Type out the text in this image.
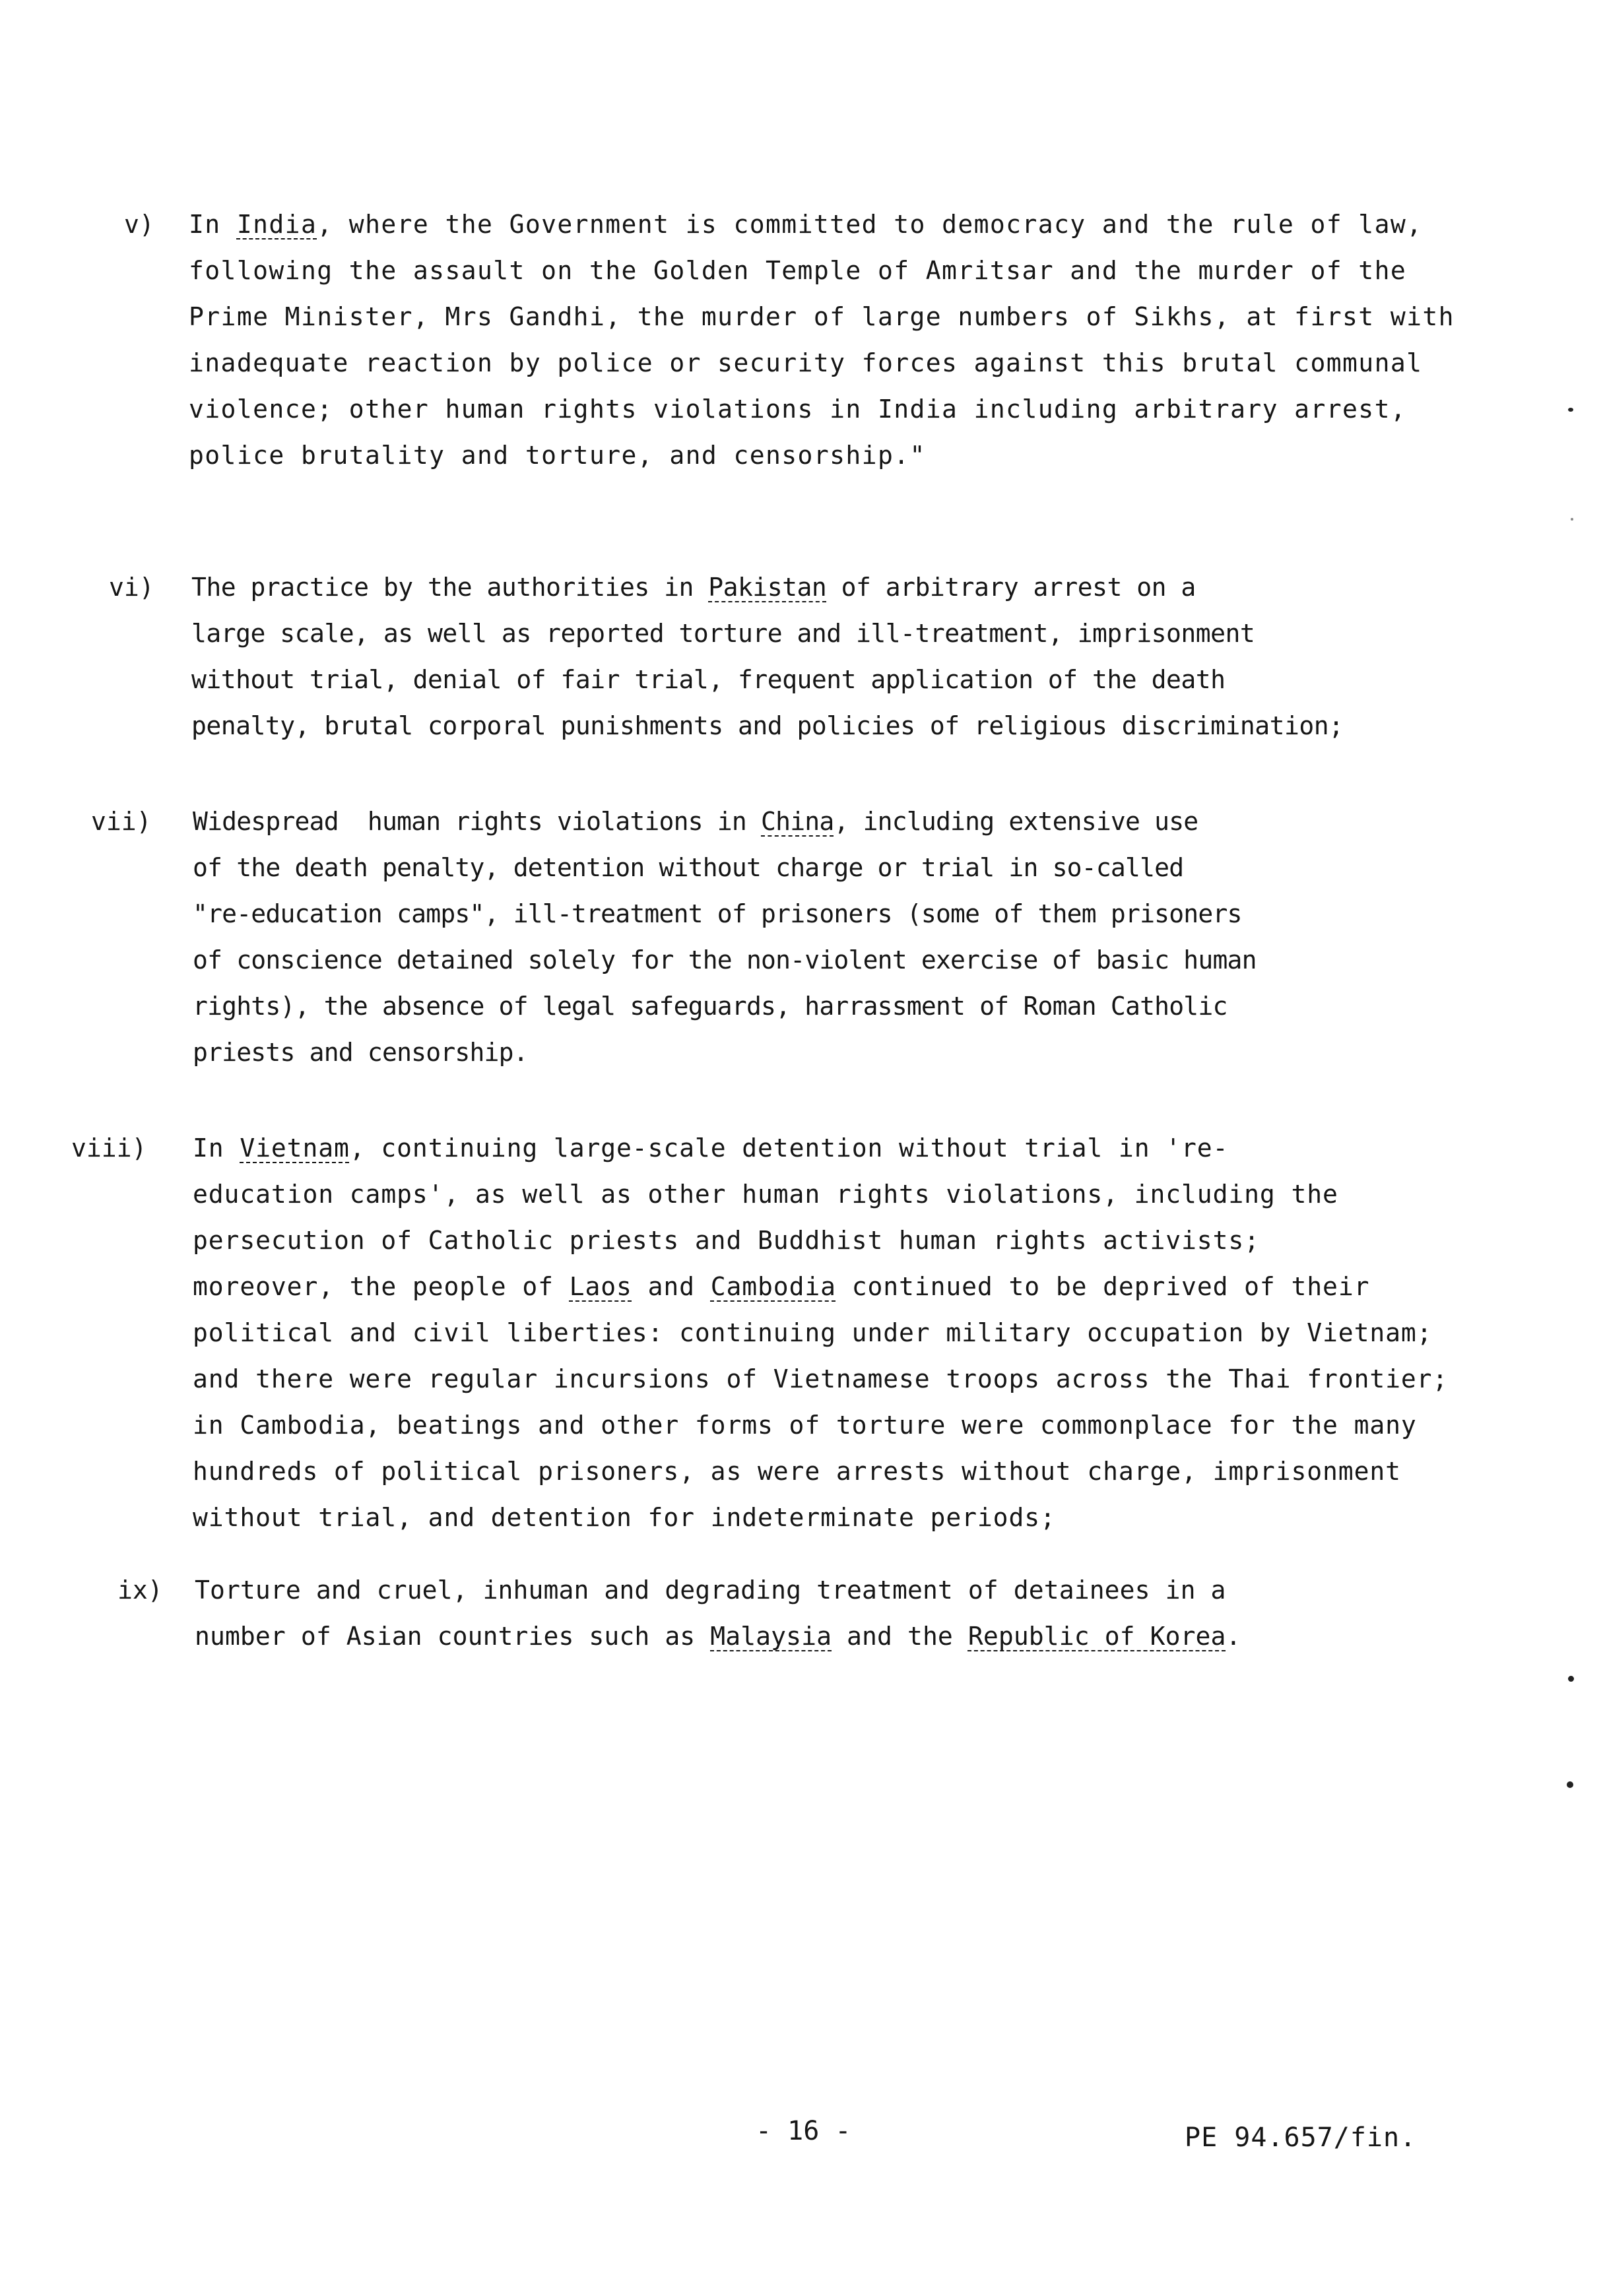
v) In India, where the Government is committed to democracy and the rule of law,
following the assault on the Golden Temple of Amritsar and the murder of the
Prime Minister, Mrs Gandhi, the murder of large numbers of Sikhs, at first with
inadequate reaction by police or security forces against this brutal communal
violence; other human rights violations in India including arbitrary arrest,
police brutality and torture, and censorship."
vi) The practice by the authorities in Pakistan of arbitrary arrest on a
large scale, as well as reported torture and ill-treatment, imprisonment
without trial, denial of fair trial, frequent application of the death
penalty, brutal corporal punishments and policies of religious discrimination;
vii) Widespread  human rights violations in China, including extensive use
of the death penalty, detention without charge or trial in so-called
"re-education camps", ill-treatment of prisoners (some of them prisoners
of conscience detained solely for the non-violent exercise of basic human
rights), the absence of legal safeguards, harrassment of Roman Catholic
priests and censorship.
viii) In Vietnam, continuing large-scale detention without trial in 're-
education camps', as well as other human rights violations, including the
persecution of Catholic priests and Buddhist human rights activists;
moreover, the people of Laos and Cambodia continued to be deprived of their
political and civil liberties: continuing under military occupation by Vietnam;
and there were regular incursions of Vietnamese troops across the Thai frontier;
in Cambodia, beatings and other forms of torture were commonplace for the many
hundreds of political prisoners, as were arrests without charge, imprisonment
without trial, and detention for indeterminate periods;
ix) Torture and cruel, inhuman and degrading treatment of detainees in a
number of Asian countries such as Malaysia and the Republic of Korea.
- 16 -	PE 94.657/fin.
